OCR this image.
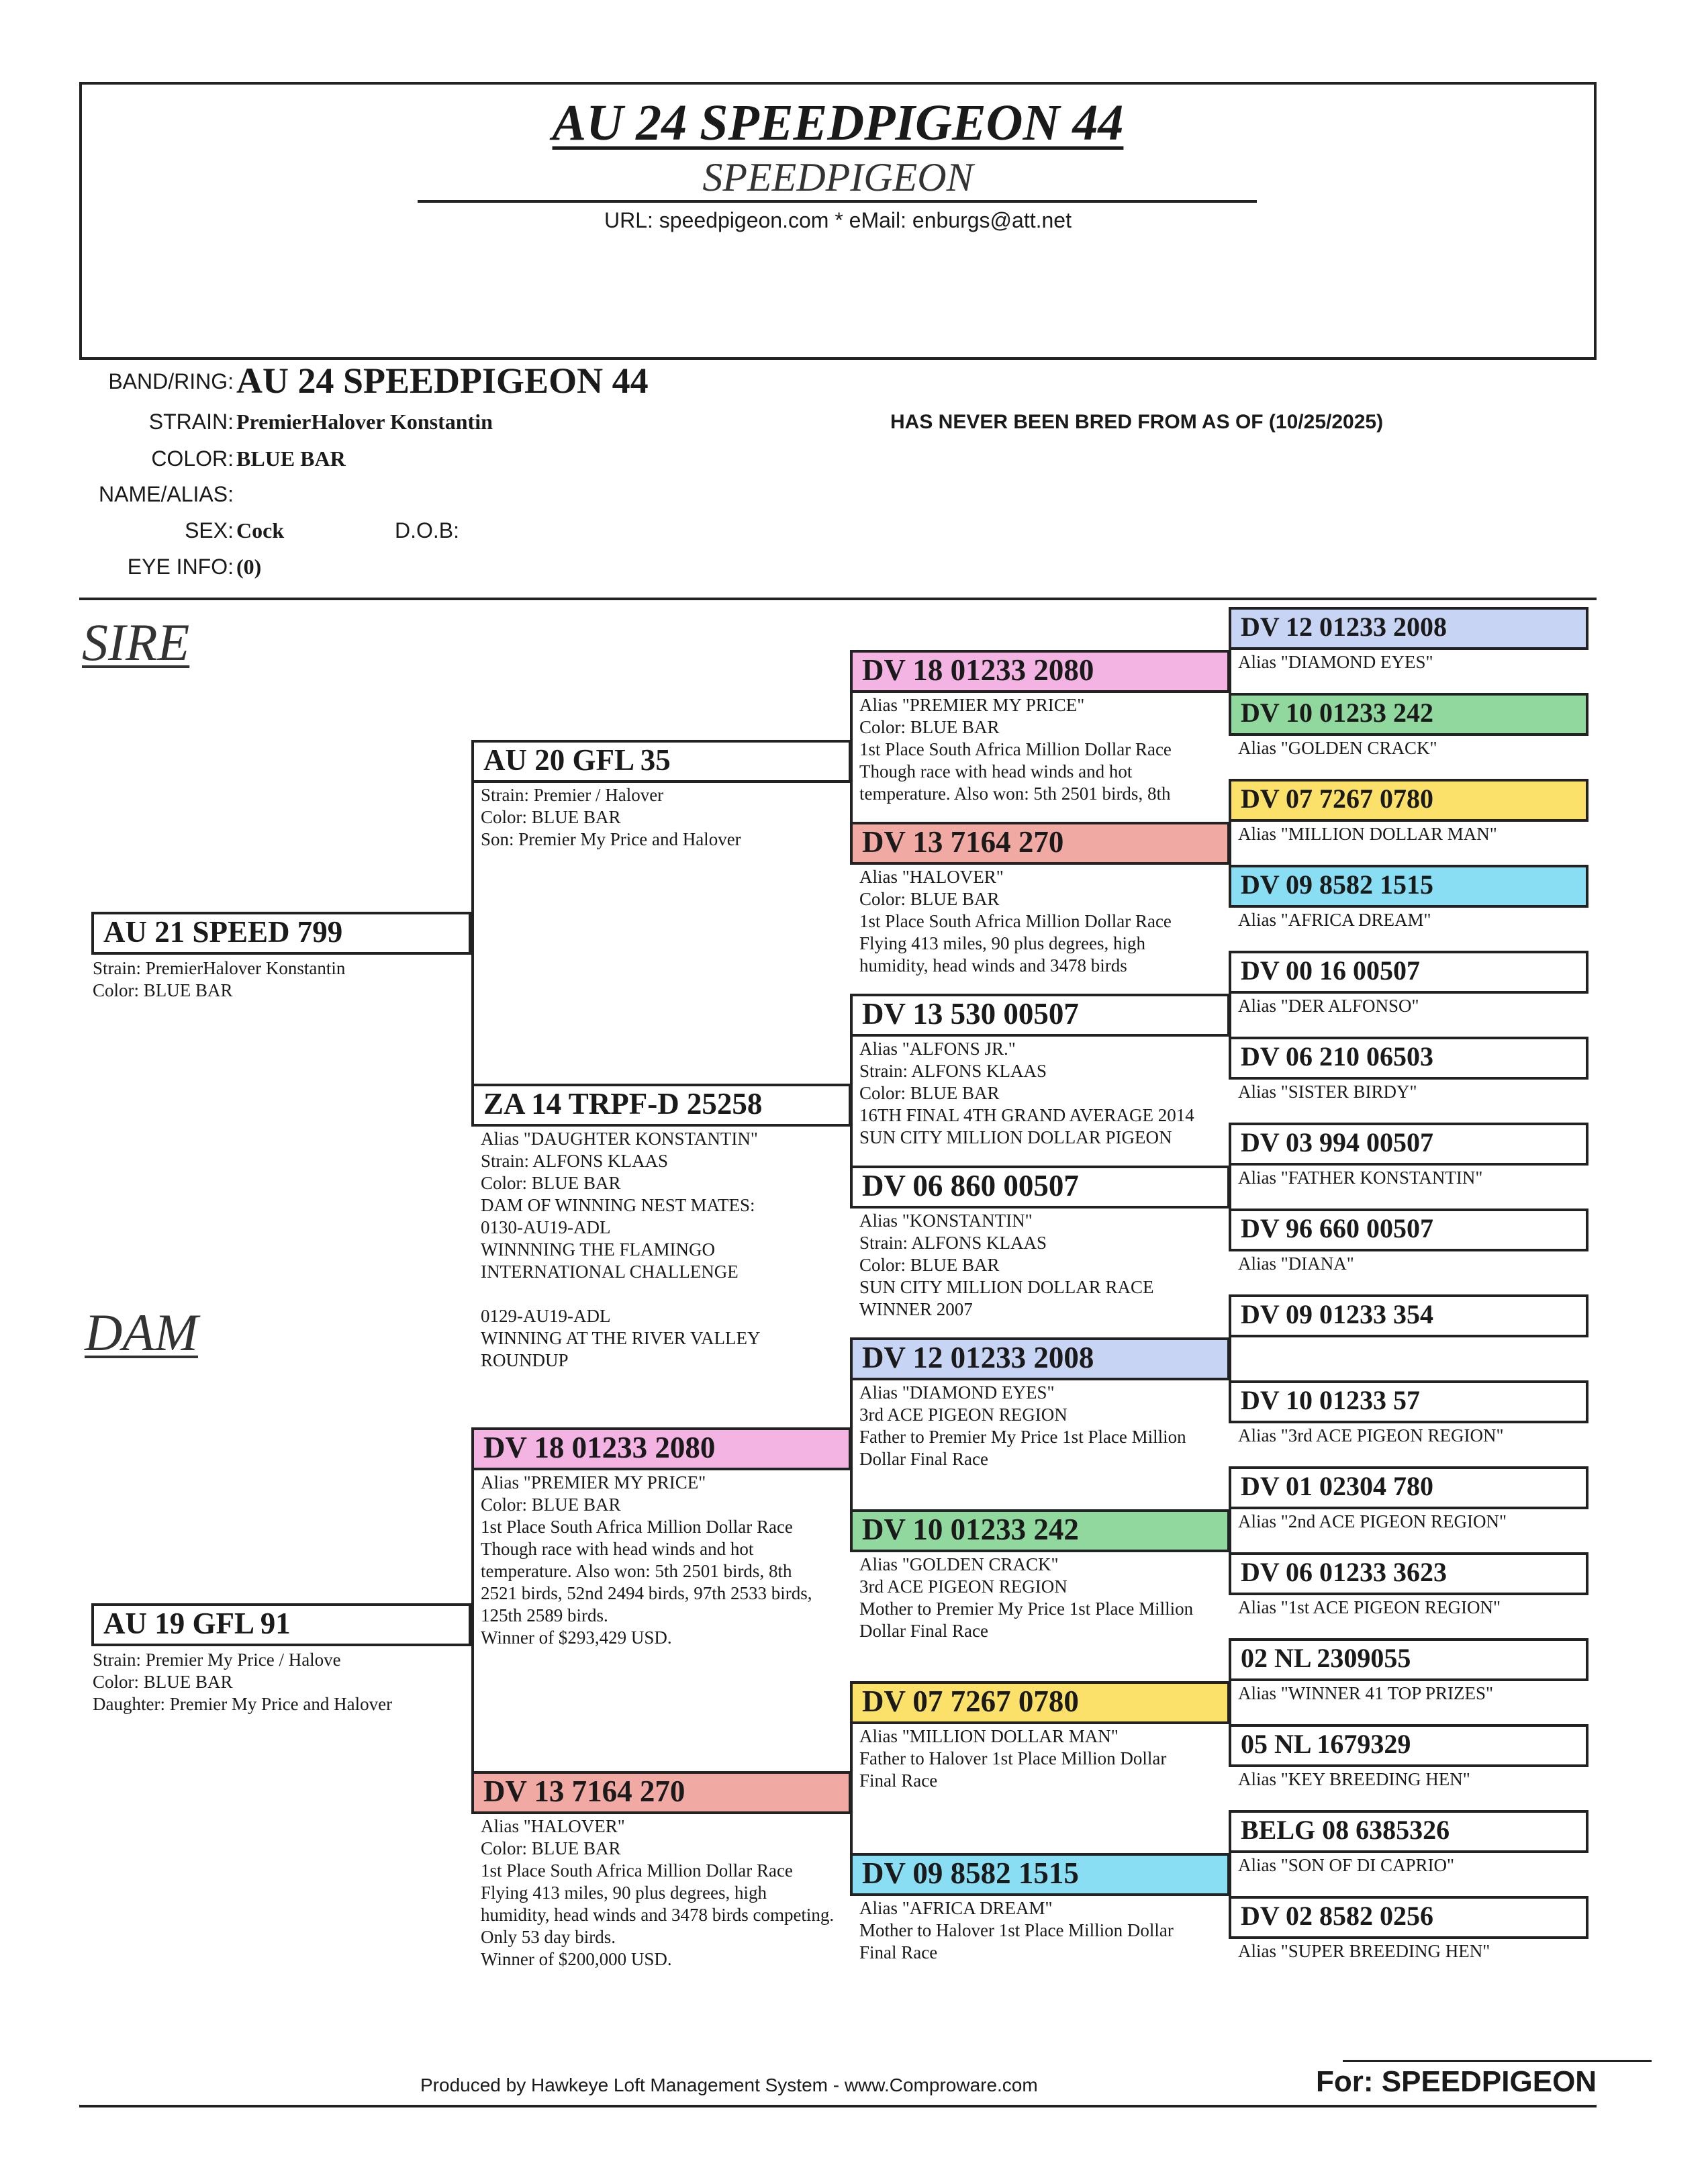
AU 24 SPEEDPIGEON 44
SPEEDPIGEON
URL: speedpigeon.com * eMail: enburgs@att.net
BAND/RING: AU 24 SPEEDPIGEON 44
STRAIN: PremierHalover Konstantin
COLOR: BLUE BAR
NAME/ALIAS:
SEX: Cock	D.O.B:
EYE INFO: (0)
HAS NEVER BEEN BRED FROM AS OF (10/25/2025)
SIRE
DAM
AU 21 SPEED 799
Strain: PremierHalover Konstantin
Color: BLUE BAR
AU 19 GFL 91
Strain: Premier My Price / Halove
Color: BLUE BAR
Daughter: Premier My Price and Halover
AU 20 GFL 35
Strain: Premier / Halover
Color: BLUE BAR
Son: Premier My Price and Halover
ZA 14 TRPF-D 25258
Alias "DAUGHTER KONSTANTIN"
Strain: ALFONS KLAAS
Color: BLUE BAR
DAM OF WINNING NEST MATES:
0130-AU19-ADL
WINNNING THE FLAMINGO
INTERNATIONAL CHALLENGE

0129-AU19-ADL
WINNING AT THE RIVER VALLEY
ROUNDUP
DV 18 01233 2080
Alias "PREMIER MY PRICE"
Color: BLUE BAR
1st Place South Africa Million Dollar Race
Though race with head winds and hot
temperature. Also won: 5th 2501 birds, 8th
2521 birds, 52nd 2494 birds, 97th 2533 birds,
125th 2589 birds.
Winner of $293,429 USD.
DV 13 7164 270
Alias "HALOVER"
Color: BLUE BAR
1st Place South Africa Million Dollar Race
Flying 413 miles, 90 plus degrees, high
humidity, head winds and 3478 birds competing.
Only 53 day birds.
Winner of $200,000 USD.
DV 18 01233 2080
Alias "PREMIER MY PRICE"
Color: BLUE BAR
1st Place South Africa Million Dollar Race
Though race with head winds and hot
temperature. Also won: 5th 2501 birds, 8th
DV 13 7164 270
Alias "HALOVER"
Color: BLUE BAR
1st Place South Africa Million Dollar Race
Flying 413 miles, 90 plus degrees, high
humidity, head winds and 3478 birds
DV 13 530 00507
Alias "ALFONS JR."
Strain: ALFONS KLAAS
Color: BLUE BAR
16TH FINAL 4TH GRAND AVERAGE 2014
SUN CITY MILLION DOLLAR PIGEON
DV 06 860 00507
Alias "KONSTANTIN"
Strain: ALFONS KLAAS
Color: BLUE BAR
SUN CITY MILLION DOLLAR RACE
WINNER 2007
DV 12 01233 2008
Alias "DIAMOND EYES"
3rd ACE PIGEON REGION
Father to Premier My Price 1st Place Million
Dollar Final Race
DV 10 01233 242
Alias "GOLDEN CRACK"
3rd ACE PIGEON REGION
Mother to Premier My Price 1st Place Million
Dollar Final Race
DV 07 7267 0780
Alias "MILLION DOLLAR MAN"
Father to Halover 1st Place Million Dollar
Final Race
DV 09 8582 1515
Alias "AFRICA DREAM"
Mother to Halover 1st Place Million Dollar
Final Race
DV 12 01233 2008
Alias "DIAMOND EYES"
DV 10 01233 242
Alias "GOLDEN CRACK"
DV 07 7267 0780
Alias "MILLION DOLLAR MAN"
DV 09 8582 1515
Alias "AFRICA DREAM"
DV 00 16 00507
Alias "DER ALFONSO"
DV 06 210 06503
Alias "SISTER BIRDY"
DV 03 994 00507
Alias "FATHER KONSTANTIN"
DV 96 660 00507
Alias "DIANA"
DV 09 01233 354
DV 10 01233 57
Alias "3rd ACE PIGEON REGION"
DV 01 02304 780
Alias "2nd ACE PIGEON REGION"
DV 06 01233 3623
Alias "1st ACE PIGEON REGION"
02 NL 2309055
Alias "WINNER 41 TOP PRIZES"
05 NL 1679329
Alias "KEY BREEDING HEN"
BELG 08 6385326
Alias "SON OF DI CAPRIO"
DV 02 8582 0256
Alias "SUPER BREEDING HEN"
Produced by Hawkeye Loft Management System - www.Comproware.com	For: SPEEDPIGEON
